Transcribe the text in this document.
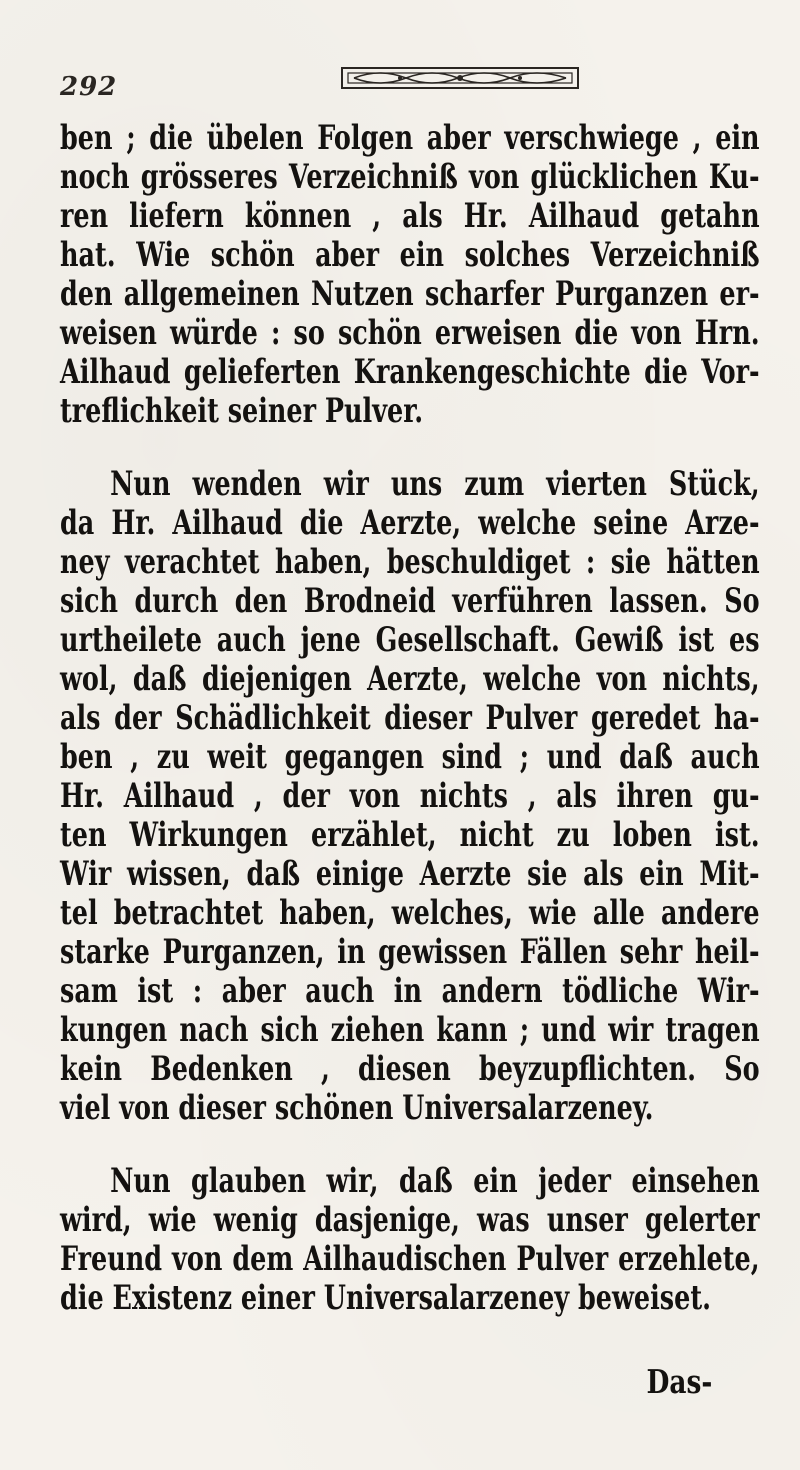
292

ben ; die übelen Folgen aber verschwiege , ein
noch grösseres Verzeichniß von glücklichen Ku-
ren liefern können , als Hr. Ailhaud getahn
hat. Wie schön aber ein solches Verzeichniß
den allgemeinen Nutzen scharfer Purganzen er-
weisen würde : so schön erweisen die von Hrn.
Ailhaud gelieferten Krankengeschichte die Vor-
treflichkeit seiner Pulver.

Nun wenden wir uns zum vierten Stück,
da Hr. Ailhaud die Aerzte, welche seine Arze-
ney verachtet haben, beschuldiget : sie hätten
sich durch den Brodneid verführen lassen. So
urtheilete auch jene Gesellschaft. Gewiß ist es
wol, daß diejenigen Aerzte, welche von nichts,
als der Schädlichkeit dieser Pulver geredet ha-
ben , zu weit gegangen sind ; und daß auch
Hr. Ailhaud , der von nichts , als ihren gu-
ten Wirkungen erzählet, nicht zu loben ist.
Wir wissen, daß einige Aerzte sie als ein Mit-
tel betrachtet haben, welches, wie alle andere
starke Purganzen, in gewissen Fällen sehr heil-
sam ist : aber auch in andern tödliche Wir-
kungen nach sich ziehen kann ; und wir tragen
kein Bedenken , diesen beyzupflichten. So
viel von dieser schönen Universalarzeney.

Nun glauben wir, daß ein jeder einsehen
wird, wie wenig dasjenige, was unser gelerter
Freund von dem Ailhaudischen Pulver erzehlete,
die Existenz einer Universalarzeney beweiset.

Das-
